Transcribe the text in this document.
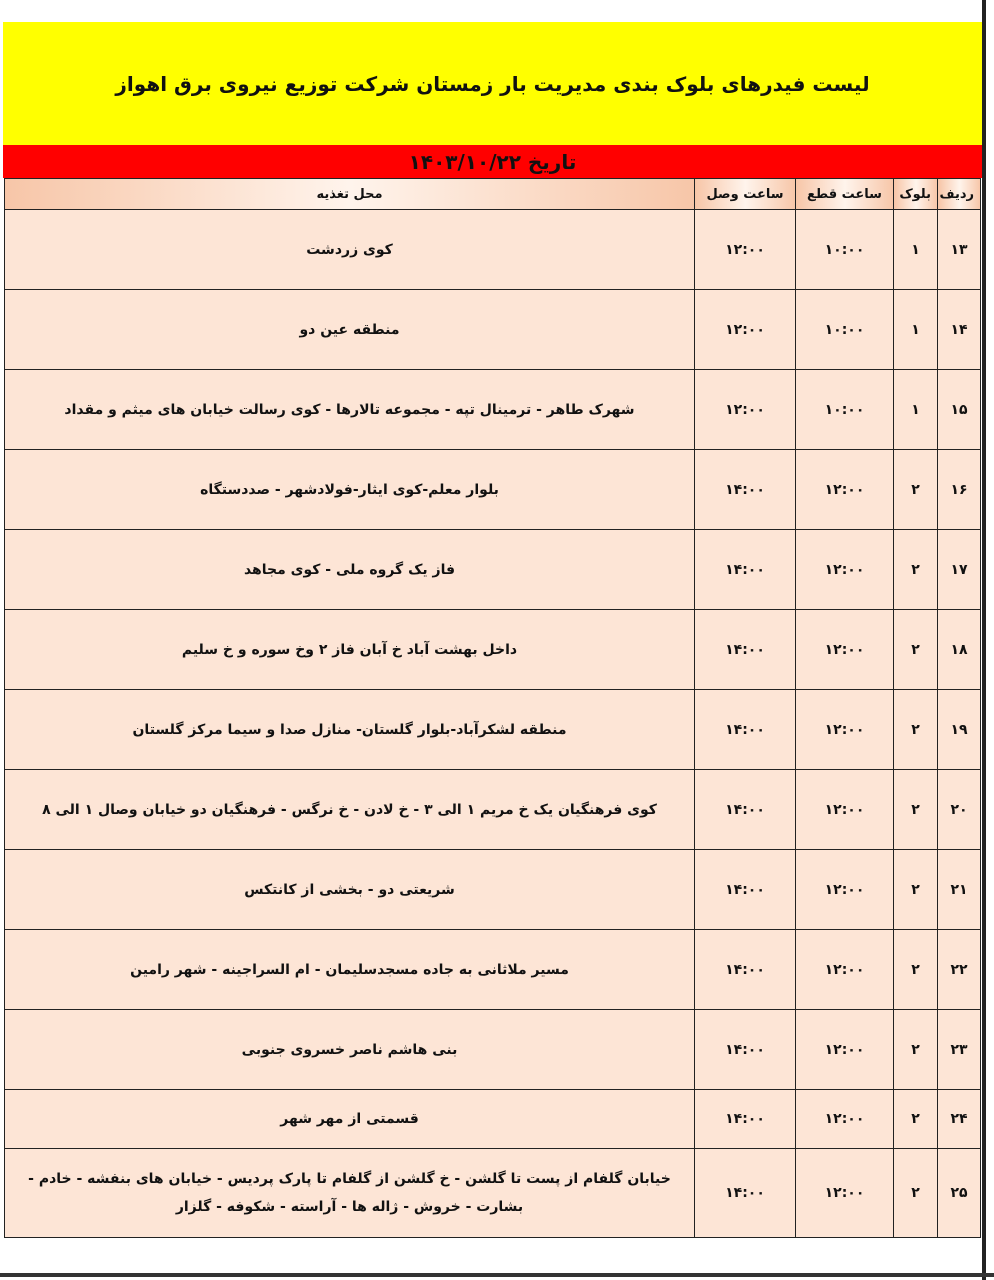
لیست فیدرهای بلوک بندی مدیریت بار زمستان شرکت توزیع نیروی برق اهواز
تاریخ ۱۴۰۳/۱۰/۲۲
ردیف	بلوک	ساعت قطع	ساعت وصل	محل تغذیه
۱۳	۱	۱۰:۰۰	۱۲:۰۰	کوی زردشت
۱۴	۱	۱۰:۰۰	۱۲:۰۰	منطقه عین دو
۱۵	۱	۱۰:۰۰	۱۲:۰۰	شهرک طاهر - ترمینال تپه - مجموعه تالارها - کوی رسالت خیابان های میثم و مقداد
۱۶	۲	۱۲:۰۰	۱۴:۰۰	بلوار معلم-کوی ایثار-فولادشهر - صددستگاه
۱۷	۲	۱۲:۰۰	۱۴:۰۰	فاز یک گروه ملی - کوی مجاهد
۱۸	۲	۱۲:۰۰	۱۴:۰۰	داخل بهشت آباد خ آبان فاز ۲ وخ سوره و خ سلیم
۱۹	۲	۱۲:۰۰	۱۴:۰۰	منطقه لشکرآباد-بلوار گلستان- منازل صدا و سیما مرکز گلستان
۲۰	۲	۱۲:۰۰	۱۴:۰۰	کوی فرهنگیان یک خ مریم ۱ الی ۳ - خ لادن - خ نرگس - فرهنگیان دو خیابان وصال ۱ الی ۸
۲۱	۲	۱۲:۰۰	۱۴:۰۰	شریعتی دو - بخشی از کانتکس
۲۲	۲	۱۲:۰۰	۱۴:۰۰	مسیر ملاثانی به جاده مسجدسلیمان - ام السراجینه - شهر رامین
۲۳	۲	۱۲:۰۰	۱۴:۰۰	بنی هاشم ناصر خسروی جنوبی
۲۴	۲	۱۲:۰۰	۱۴:۰۰	قسمتی از مهر شهر
۲۵	۲	۱۲:۰۰	۱۴:۰۰	خیابان گلفام از پست تا گلشن - خ گلشن از گلفام تا پارک پردیس - خیابان های بنفشه - خادم - بشارت - خروش - ژاله ها - آراسته - شکوفه - گلزار
